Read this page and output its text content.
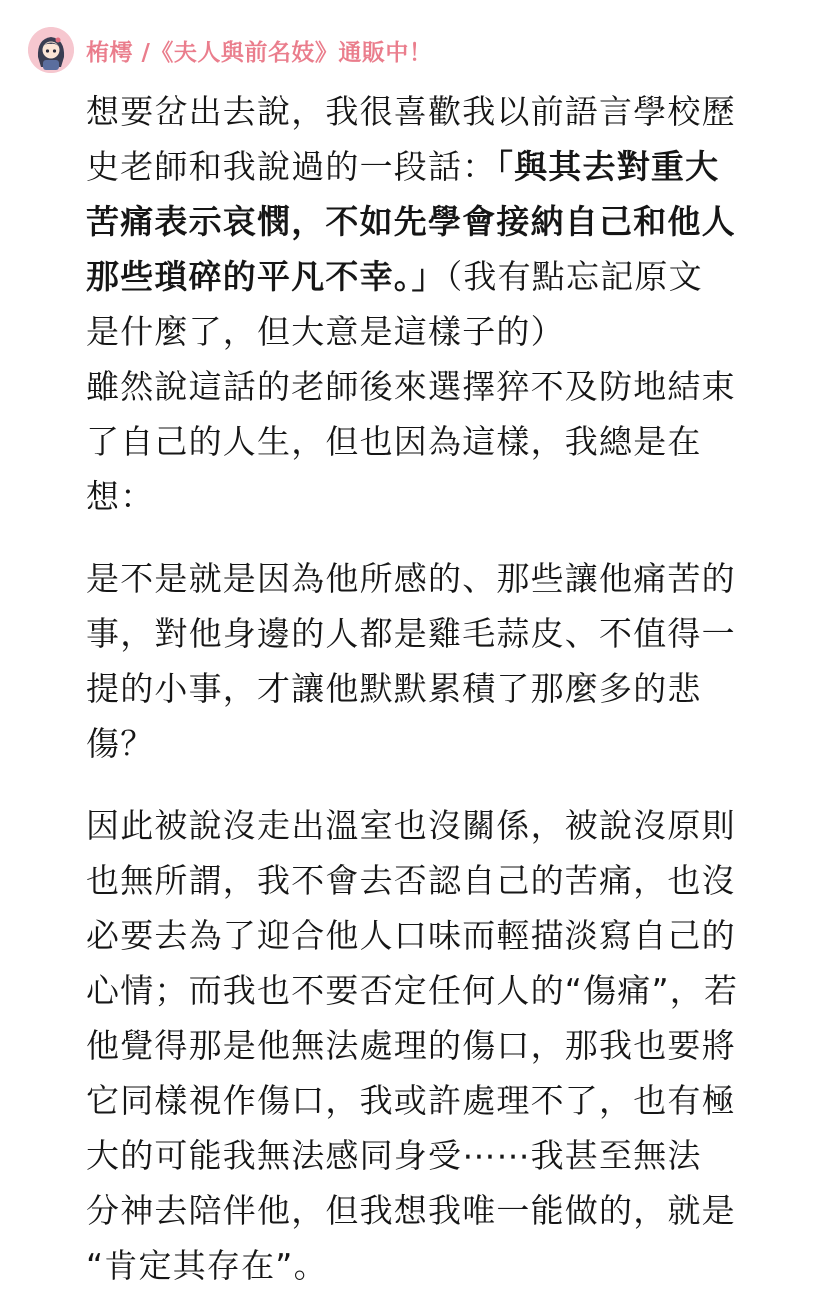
栯樗 /《夫人與前名妓》通販中！

想要岔出去說，我很喜歡我以前語言學校歷
史老師和我說過的一段話：「與其去對重大
苦痛表示哀憫，不如先學會接納自己和他人
那些瑣碎的平凡不幸。」（我有點忘記原文
是什麼了，但大意是這樣子的）
雖然說這話的老師後來選擇猝不及防地結束
了自己的人生，但也因為這樣，我總是在
想：

是不是就是因為他所感的、那些讓他痛苦的
事，對他身邊的人都是雞毛蒜皮、不值得一
提的小事，才讓他默默累積了那麼多的悲
傷？

因此被說沒走出溫室也沒關係，被說沒原則
也無所謂，我不會去否認自己的苦痛，也沒
必要去為了迎合他人口味而輕描淡寫自己的
心情；而我也不要否定任何人的“傷痛”，若
他覺得那是他無法處理的傷口，那我也要將
它同樣視作傷口，我或許處理不了，也有極
大的可能我無法感同身受⋯⋯我甚至無法
分神去陪伴他，但我想我唯一能做的，就是
“肯定其存在”。
